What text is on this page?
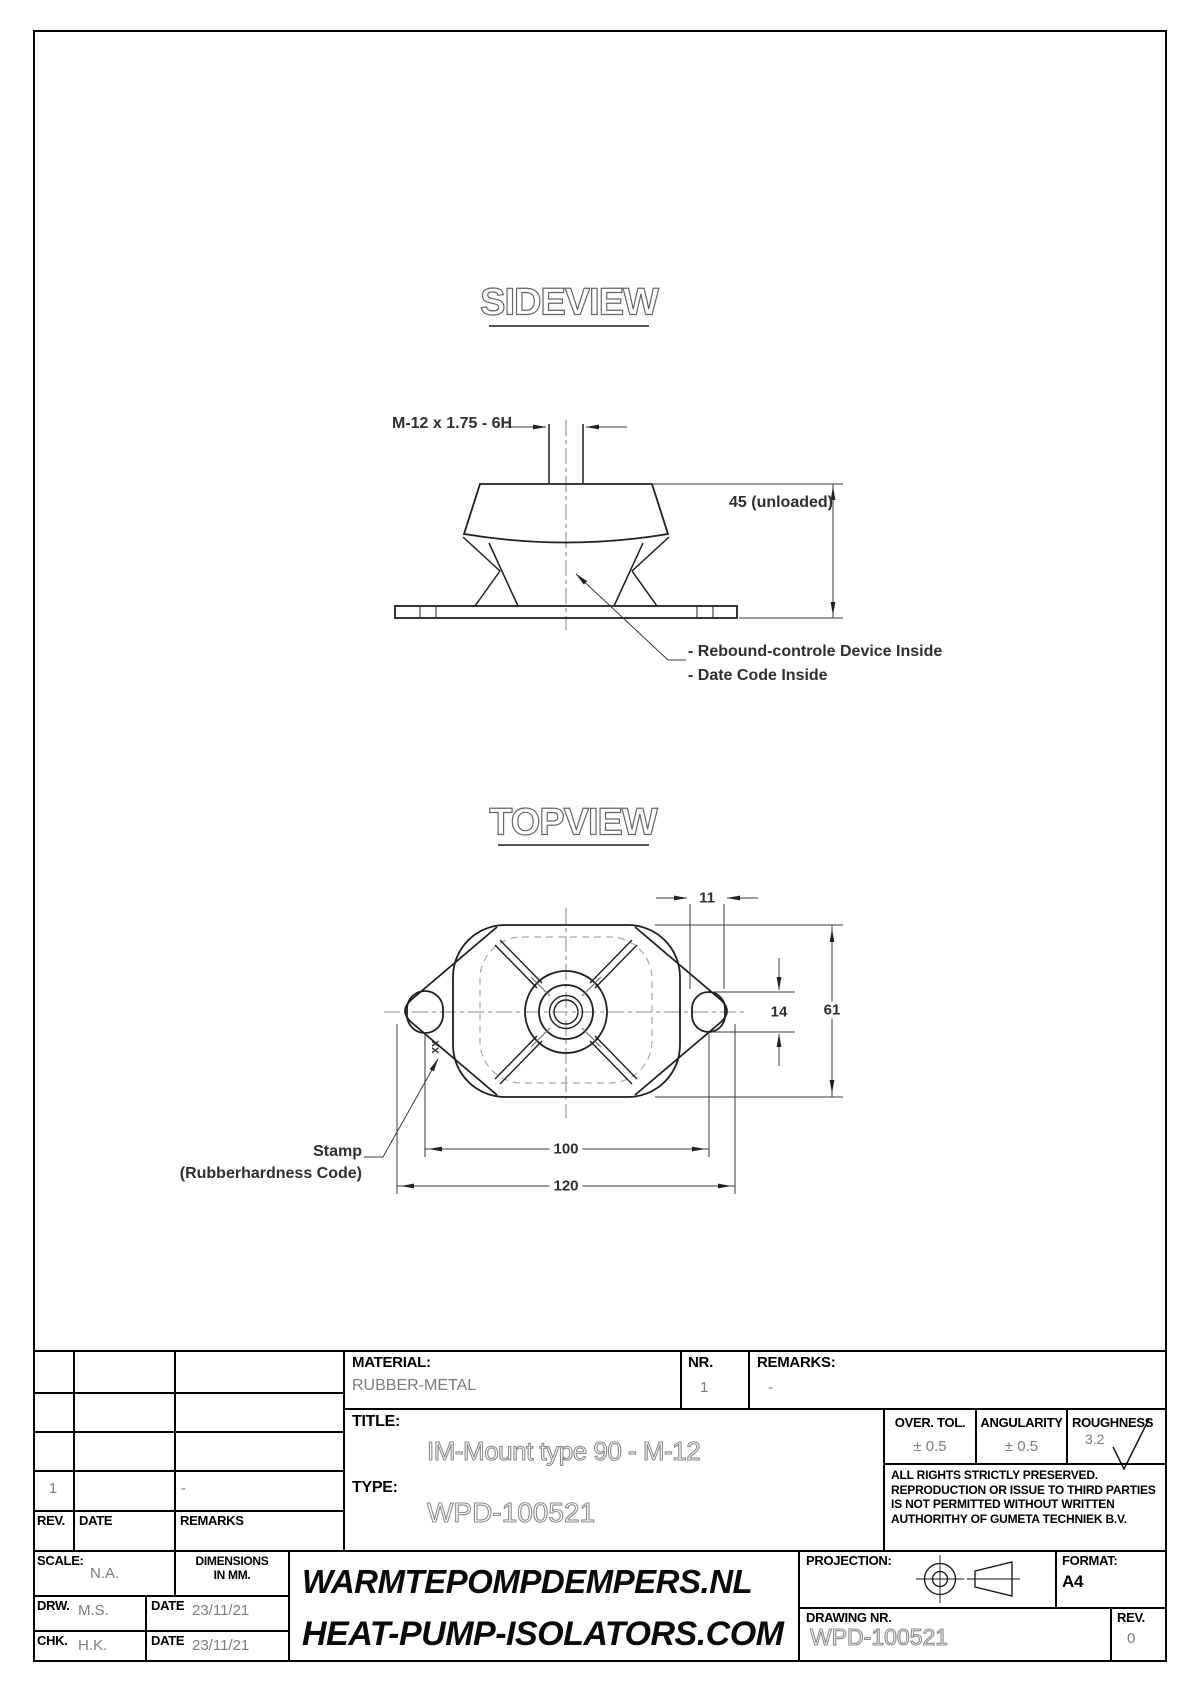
SIDEVIEW
TOPVIEW
M-12 x 1.75 - 6H
45 (unloaded)
- Rebound-controle Device Inside
- Date Code Inside
11
14 61
100
120
xx
Stamp
(Rubberhardness Code)
MATERIAL:
RUBBER-METAL
NR.
1
REMARKS:
-
TITLE:
IM-Mount type 90 - M-12
TYPE:
WPD-100521
OVER. TOL.
± 0.5
ANGULARITY
± 0.5
ROUGHNESS
3.2
ALL RIGHTS STRICTLY PRESERVED.
REPRODUCTION OR ISSUE TO THIRD PARTIES
IS NOT PERMITTED WITHOUT WRITTEN
AUTHORITHY OF GUMETA TECHNIEK B.V.
1	-
REV. DATE	REMARKS
SCALE:
N.A.
DIMENSIONS
IN MM.
DRW. M.S.	DATE 23/11/21
CHK. H.K.	DATE 23/11/21
WARMTEPOMPDEMPERS.NL
HEAT-PUMP-ISOLATORS.COM
PROJECTION:	FORMAT:
A4
DRAWING NR.
WPD-100521
REV.
0
